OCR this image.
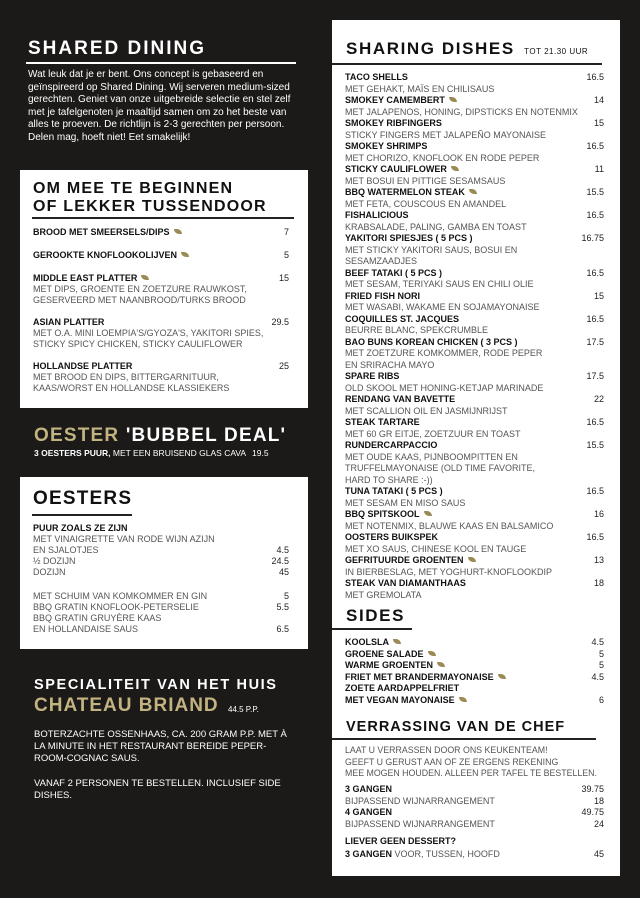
SHARED DINING
Wat leuk dat je er bent. Ons concept is gebaseerd en geïnspireerd op Shared Dining. Wij serveren medium-sized gerechten. Geniet van onze uitgebreide selectie en stel zelf met je tafelgenoten je maaltijd samen om zo het beste van alles te proeven. De richtlijn is 2-3 gerechten per persoon. Delen mag, hoeft niet! Eet smakelijk!
OM MEE TE BEGINNEN
OF LEKKER TUSSENDOOR
BROOD MET SMEERSELS/DIPS	7
GEROOKTE KNOFLOOKOLIJVEN	5
MIDDLE EAST PLATTER	15
MET DIPS, GROENTE EN ZOETZURE RAUWKOST,
GESERVEERD MET NAANBROOD/TURKS BROOD
ASIAN PLATTER	29.5
MET O.A. MINI LOEMPIA'S/GYOZA'S, YAKITORI SPIES,
STICKY SPICY CHICKEN, STICKY CAULIFLOWER
HOLLANDSE PLATTER	25
MET BROOD EN DIPS, BITTERGARNITUUR,
KAAS/WORST EN HOLLANDSE KLASSIEKERS
OESTER 'BUBBEL DEAL'
3 OESTERS PUUR, MET EEN BRUISEND GLAS CAVA 19.5
OESTERS
PUUR ZOALS ZE ZIJN
MET VINAIGRETTE VAN RODE WIJN AZIJN
EN SJALOTJES	4.5
½ DOZIJN	24.5
DOZIJN	45
MET SCHUIM VAN KOMKOMMER EN GIN	5
BBQ GRATIN KNOFLOOK-PETERSELIE	5.5
BBQ GRATIN GRUYÈRE KAAS
EN HOLLANDAISE SAUS	6.5
SPECIALITEIT VAN HET HUIS
CHATEAU BRIAND 44.5 P.P.
BOTERZACHTE OSSENHAAS, CA. 200 GRAM P.P. MET À LA MINUTE IN HET RESTAURANT BEREIDE PEPER-ROOM-COGNAC SAUS.
VANAF 2 PERSONEN TE BESTELLEN. INCLUSIEF SIDE DISHES.
SHARING DISHES TOT 21.30 UUR
TACO SHELLS	16.5
MET GEHAKT, MAÏS EN CHILISAUS
SMOKEY CAMEMBERT	14
MET JALAPENOS, HONING, DIPSTICKS EN NOTENMIX
SMOKEY RIBFINGERS	15
STICKY FINGERS MET JALAPEÑO MAYONAISE
SMOKEY SHRIMPS	16.5
MET CHORIZO, KNOFLOOK EN RODE PEPER
STICKY CAULIFLOWER	11
MET BOSUI EN PITTIGE SESAMSAUS
BBQ WATERMELON STEAK	15.5
MET FETA, COUSCOUS EN AMANDEL
FISHALICIOUS	16.5
KRABSALADE, PALING, GAMBA EN TOAST
YAKITORI SPIESJES ( 5 PCS )	16.75
MET STICKY YAKITORI SAUS, BOSUI EN
SESAMZAADJES
BEEF TATAKI ( 5 PCS )	16.5
MET SESAM, TERIYAKI SAUS EN CHILI OLIE
FRIED FISH NORI	15
MET WASABI, WAKAME EN SOJAMAYONAISE
COQUILLES ST. JACQUES	16.5
BEURRE BLANC, SPEKCRUMBLE
BAO BUNS KOREAN CHICKEN ( 3 PCS )	17.5
MET ZOETZURE KOMKOMMER, RODE PEPER
EN SRIRACHA MAYO
SPARE RIBS	17.5
OLD SKOOL MET HONING-KETJAP MARINADE
RENDANG VAN BAVETTE	22
MET SCALLION OIL EN JASMIJNRIJST
STEAK TARTARE	16.5
MET 60 GR EITJE, ZOETZUUR EN TOAST
RUNDERCARPACCIO	15.5
MET OUDE KAAS, PIJNBOOMPITTEN EN
TRUFFELMAYONAISE (OLD TIME FAVORITE,
HARD TO SHARE :-))
TUNA TATAKI ( 5 PCS )	16.5
MET SESAM EN MISO SAUS
BBQ SPITSKOOL	16
MET NOTENMIX, BLAUWE KAAS EN BALSAMICO
OOSTERS BUIKSPEK	16.5
MET XO SAUS, CHINESE KOOL EN TAUGE
GEFRITUURDE GROENTEN	13
IN BIERBESLAG, MET YOGHURT-KNOFLOOKDIP
STEAK VAN DIAMANTHAAS	18
MET GREMOLATA
SIDES
KOOLSLA	4.5
GROENE SALADE	5
WARME GROENTEN	5
FRIET MET BRANDERMAYONAISE	4.5
ZOETE AARDAPPELFRIET
MET VEGAN MAYONAISE	6
VERRASSING VAN DE CHEF
LAAT U VERRASSEN DOOR ONS KEUKENTEAM!
GEEFT U GERUST AAN OF ZE ERGENS REKENING
MEE MOGEN HOUDEN. ALLEEN PER TAFEL TE BESTELLEN.
3 GANGEN	39.75
BIJPASSEND WIJNARRANGEMENT	18
4 GANGEN	49.75
BIJPASSEND WIJNARRANGEMENT	24
LIEVER GEEN DESSERT?
3 GANGEN VOOR, TUSSEN, HOOFD	45
